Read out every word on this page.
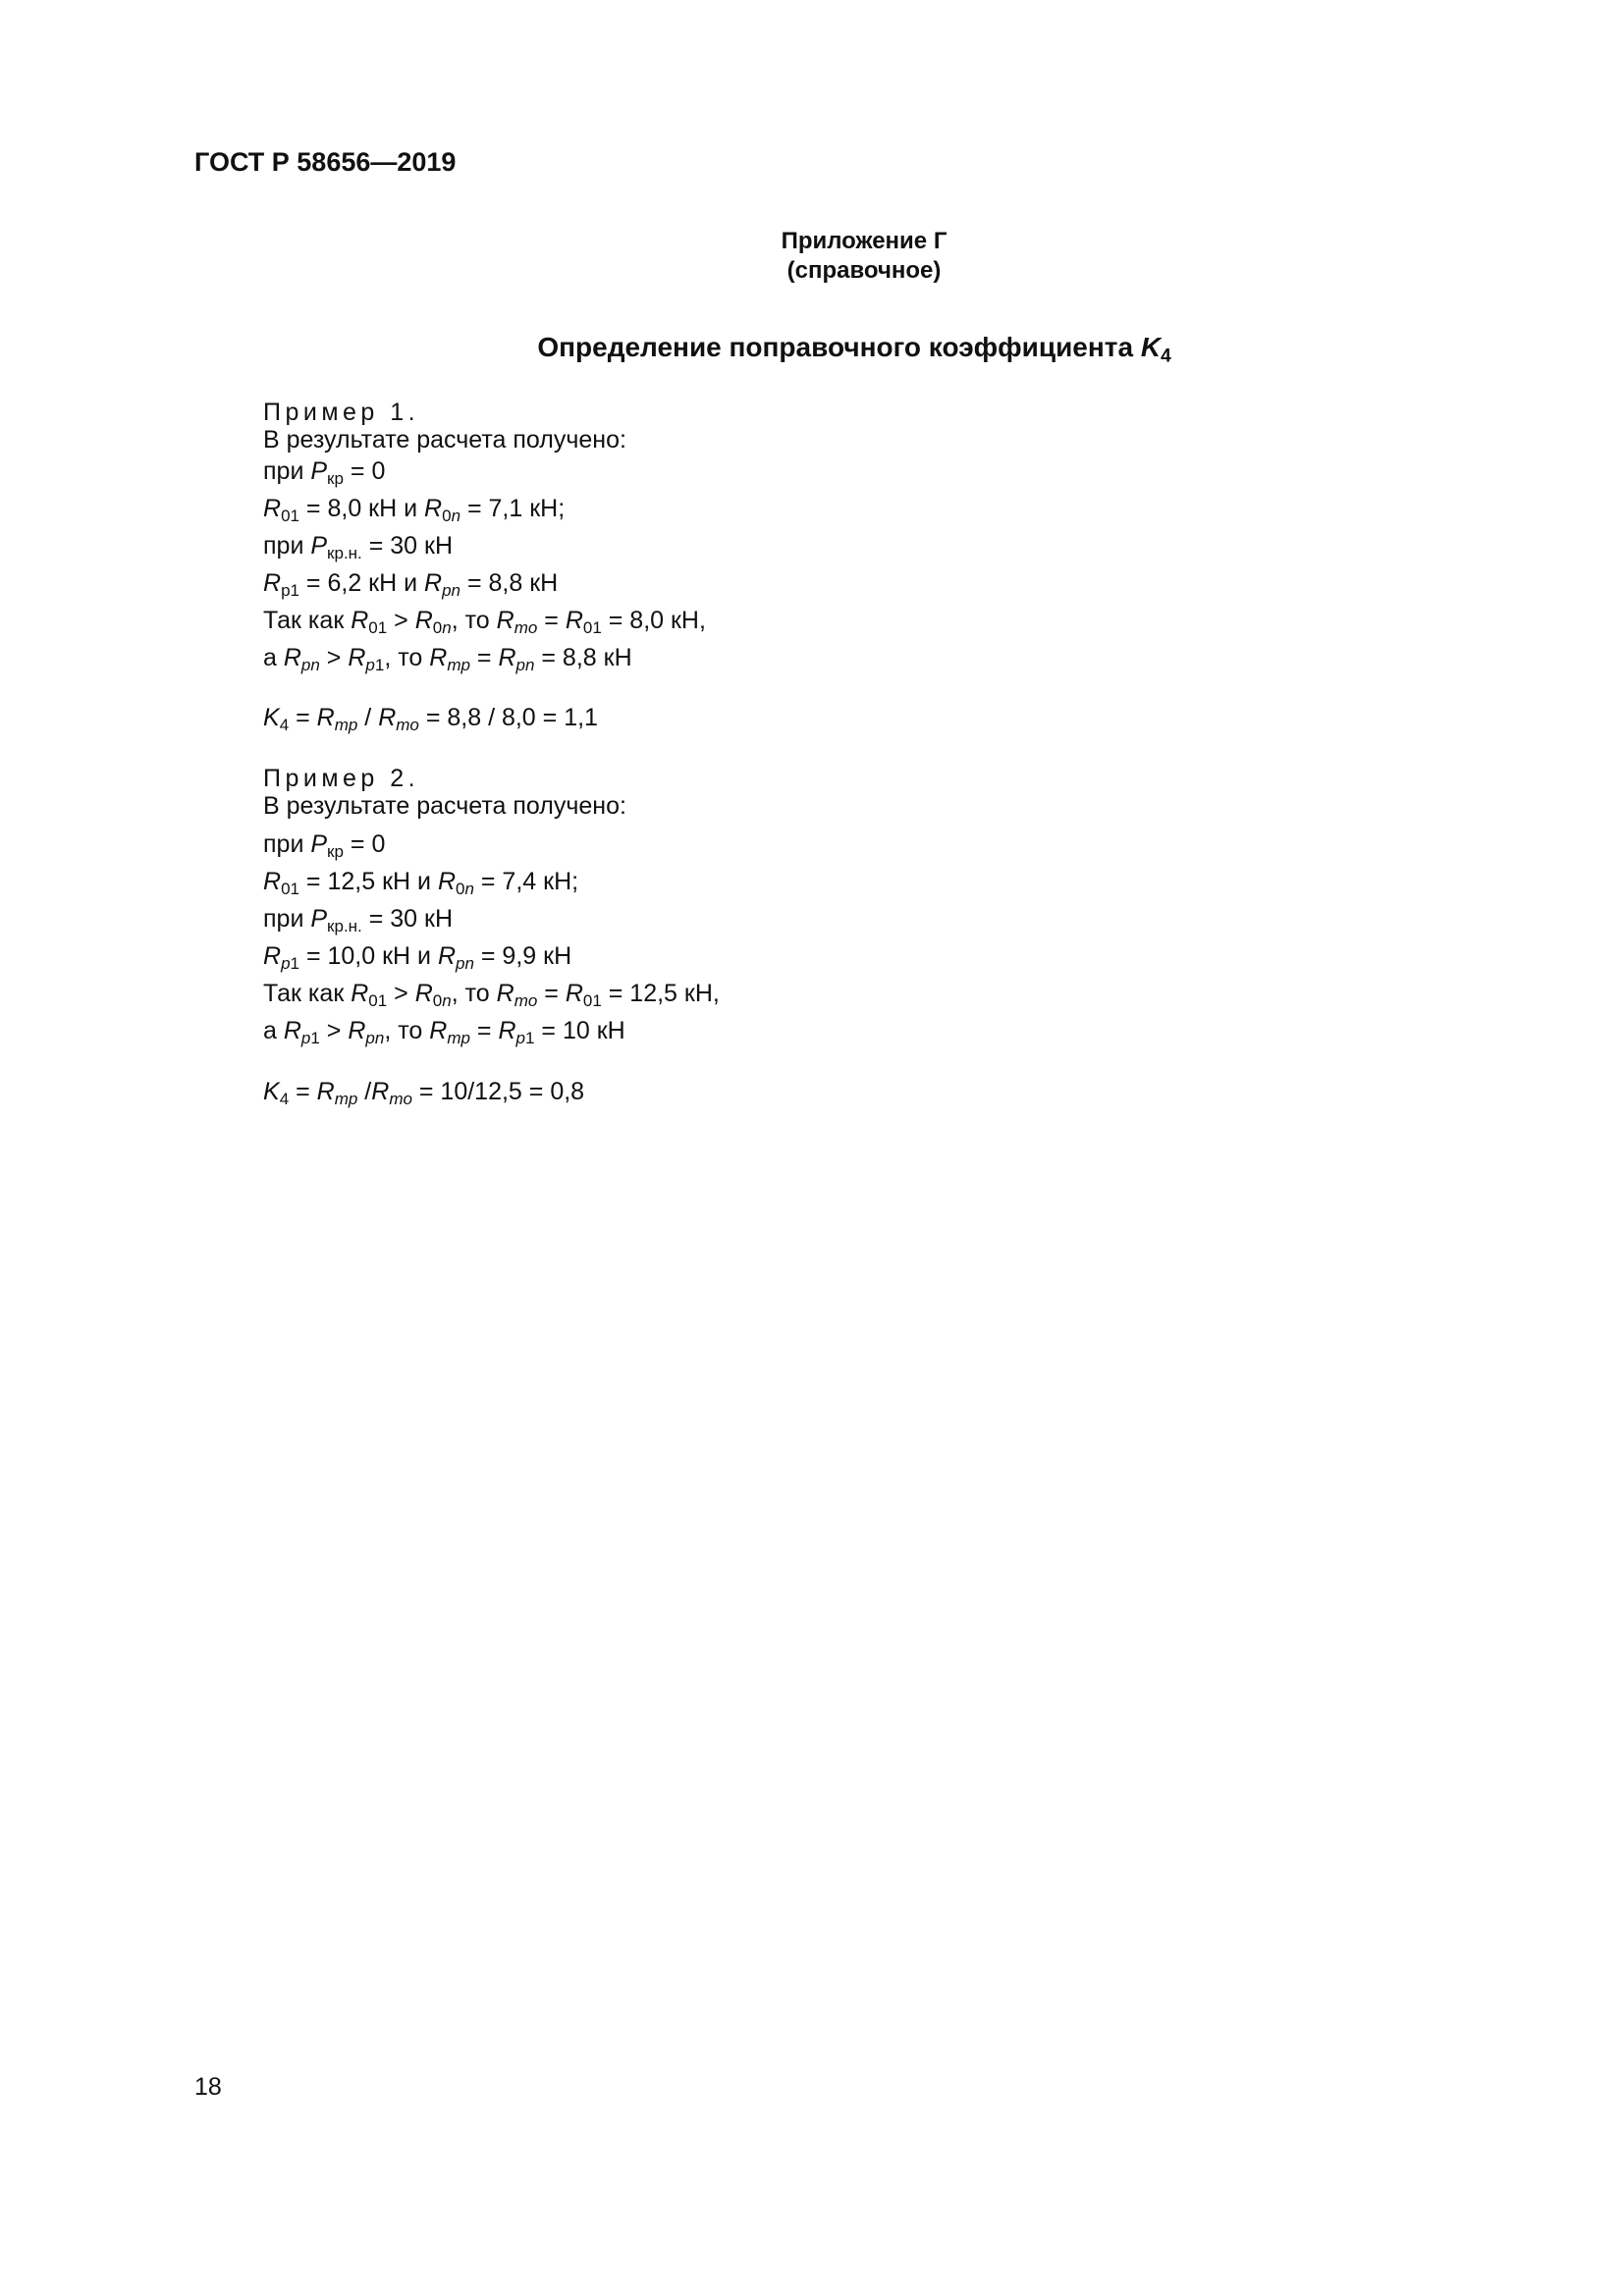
ГОСТ Р 58656—2019

Приложение Г

(справочное)

Определение поправочного коэффициента $K_4$

Пример 1.

В результате расчета получено:

при $P_{кр} = 0$

$R_{01} = 8,0$ кН и $R_{0n} = 7,1$ кН;

при $P_{кр.н.} = 30$ кН

$R_{р1} = 6,2$ кН и $R_{pn} = 8,8$ кН

Так как $R_{01} > R_{0n}$, то $R_{mo} = R_{01} = 8,0$ кН,

а $R_{pn} > R_{p1}$, то $R_{mp} = R_{pn} = 8,8$ кН

$K_4 = R_{mp} / R_{mo} = 8,8 / 8,0 = 1,1$

Пример 2.

В результате расчета получено:

при $P_{кр} = 0$

$R_{01} = 12,5$ кН и $R_{0n} = 7,4$ кН;

при $P_{кр.н.} = 30$ кН

$R_{p1} = 10,0$ кН и $R_{pn} = 9,9$ кН

Так как $R_{01} > R_{0n}$, то $R_{mo} = R_{01} = 12,5$ кН,

а $R_{p1} > R_{pn}$, то $R_{mp} = R_{p1} = 10$ кН

$K_4 = R_{mp}$ $/R_{mo} = 10/12,5 = 0,8$

18
